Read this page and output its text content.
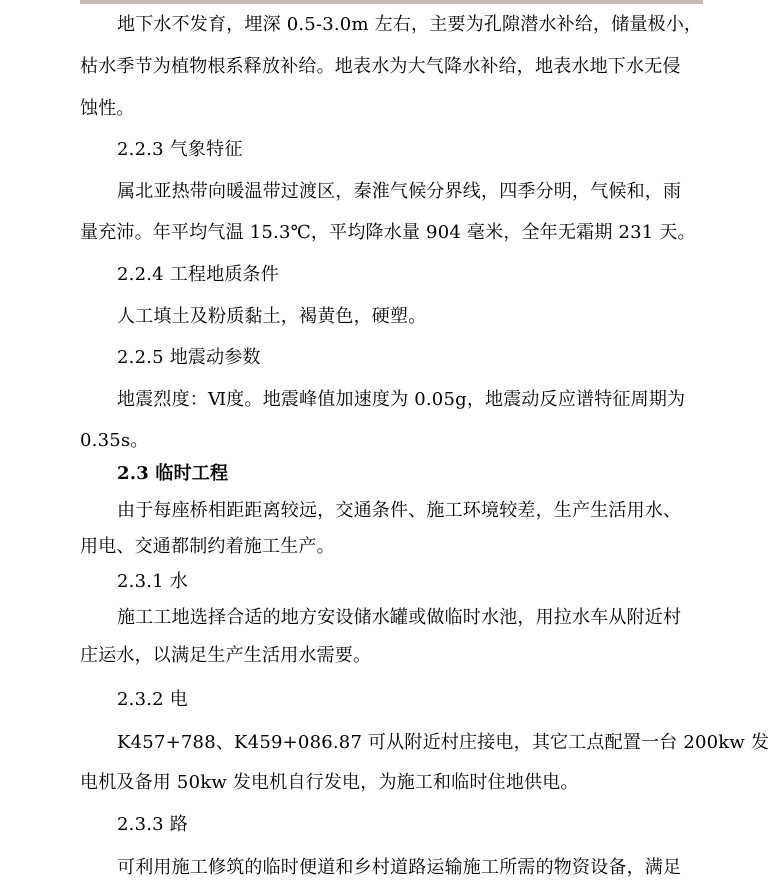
地下水不发育，埋深 0.5-3.0m 左右，主要为孔隙潜水补给，储量极小，
枯水季节为植物根系释放补给。地表水为大气降水补给，地表水地下水无侵
蚀性。
2.2.3 气象特征
属北亚热带向暖温带过渡区，秦淮气候分界线，四季分明，气候和，雨
量充沛。年平均气温 15.3℃，平均降水量 904 毫米，全年无霜期 231 天。
2.2.4 工程地质条件
人工填土及粉质黏土，褐黄色，硬塑。
2.2.5 地震动参数
地震烈度：Ⅵ度。地震峰值加速度为 0.05g，地震动反应谱特征周期为
0.35s。
2.3 临时工程
由于每座桥相距距离较远，交通条件、施工环境较差，生产生活用水、
用电、交通都制约着施工生产。
2.3.1 水
施工工地选择合适的地方安设储水罐或做临时水池，用拉水车从附近村
庄运水，以满足生产生活用水需要。
2.3.2 电
K457+788、K459+086.87 可从附近村庄接电，其它工点配置一台 200kw 发
电机及备用 50kw 发电机自行发电，为施工和临时住地供电。
2.3.3 路
可利用施工修筑的临时便道和乡村道路运输施工所需的物资设备，满足
